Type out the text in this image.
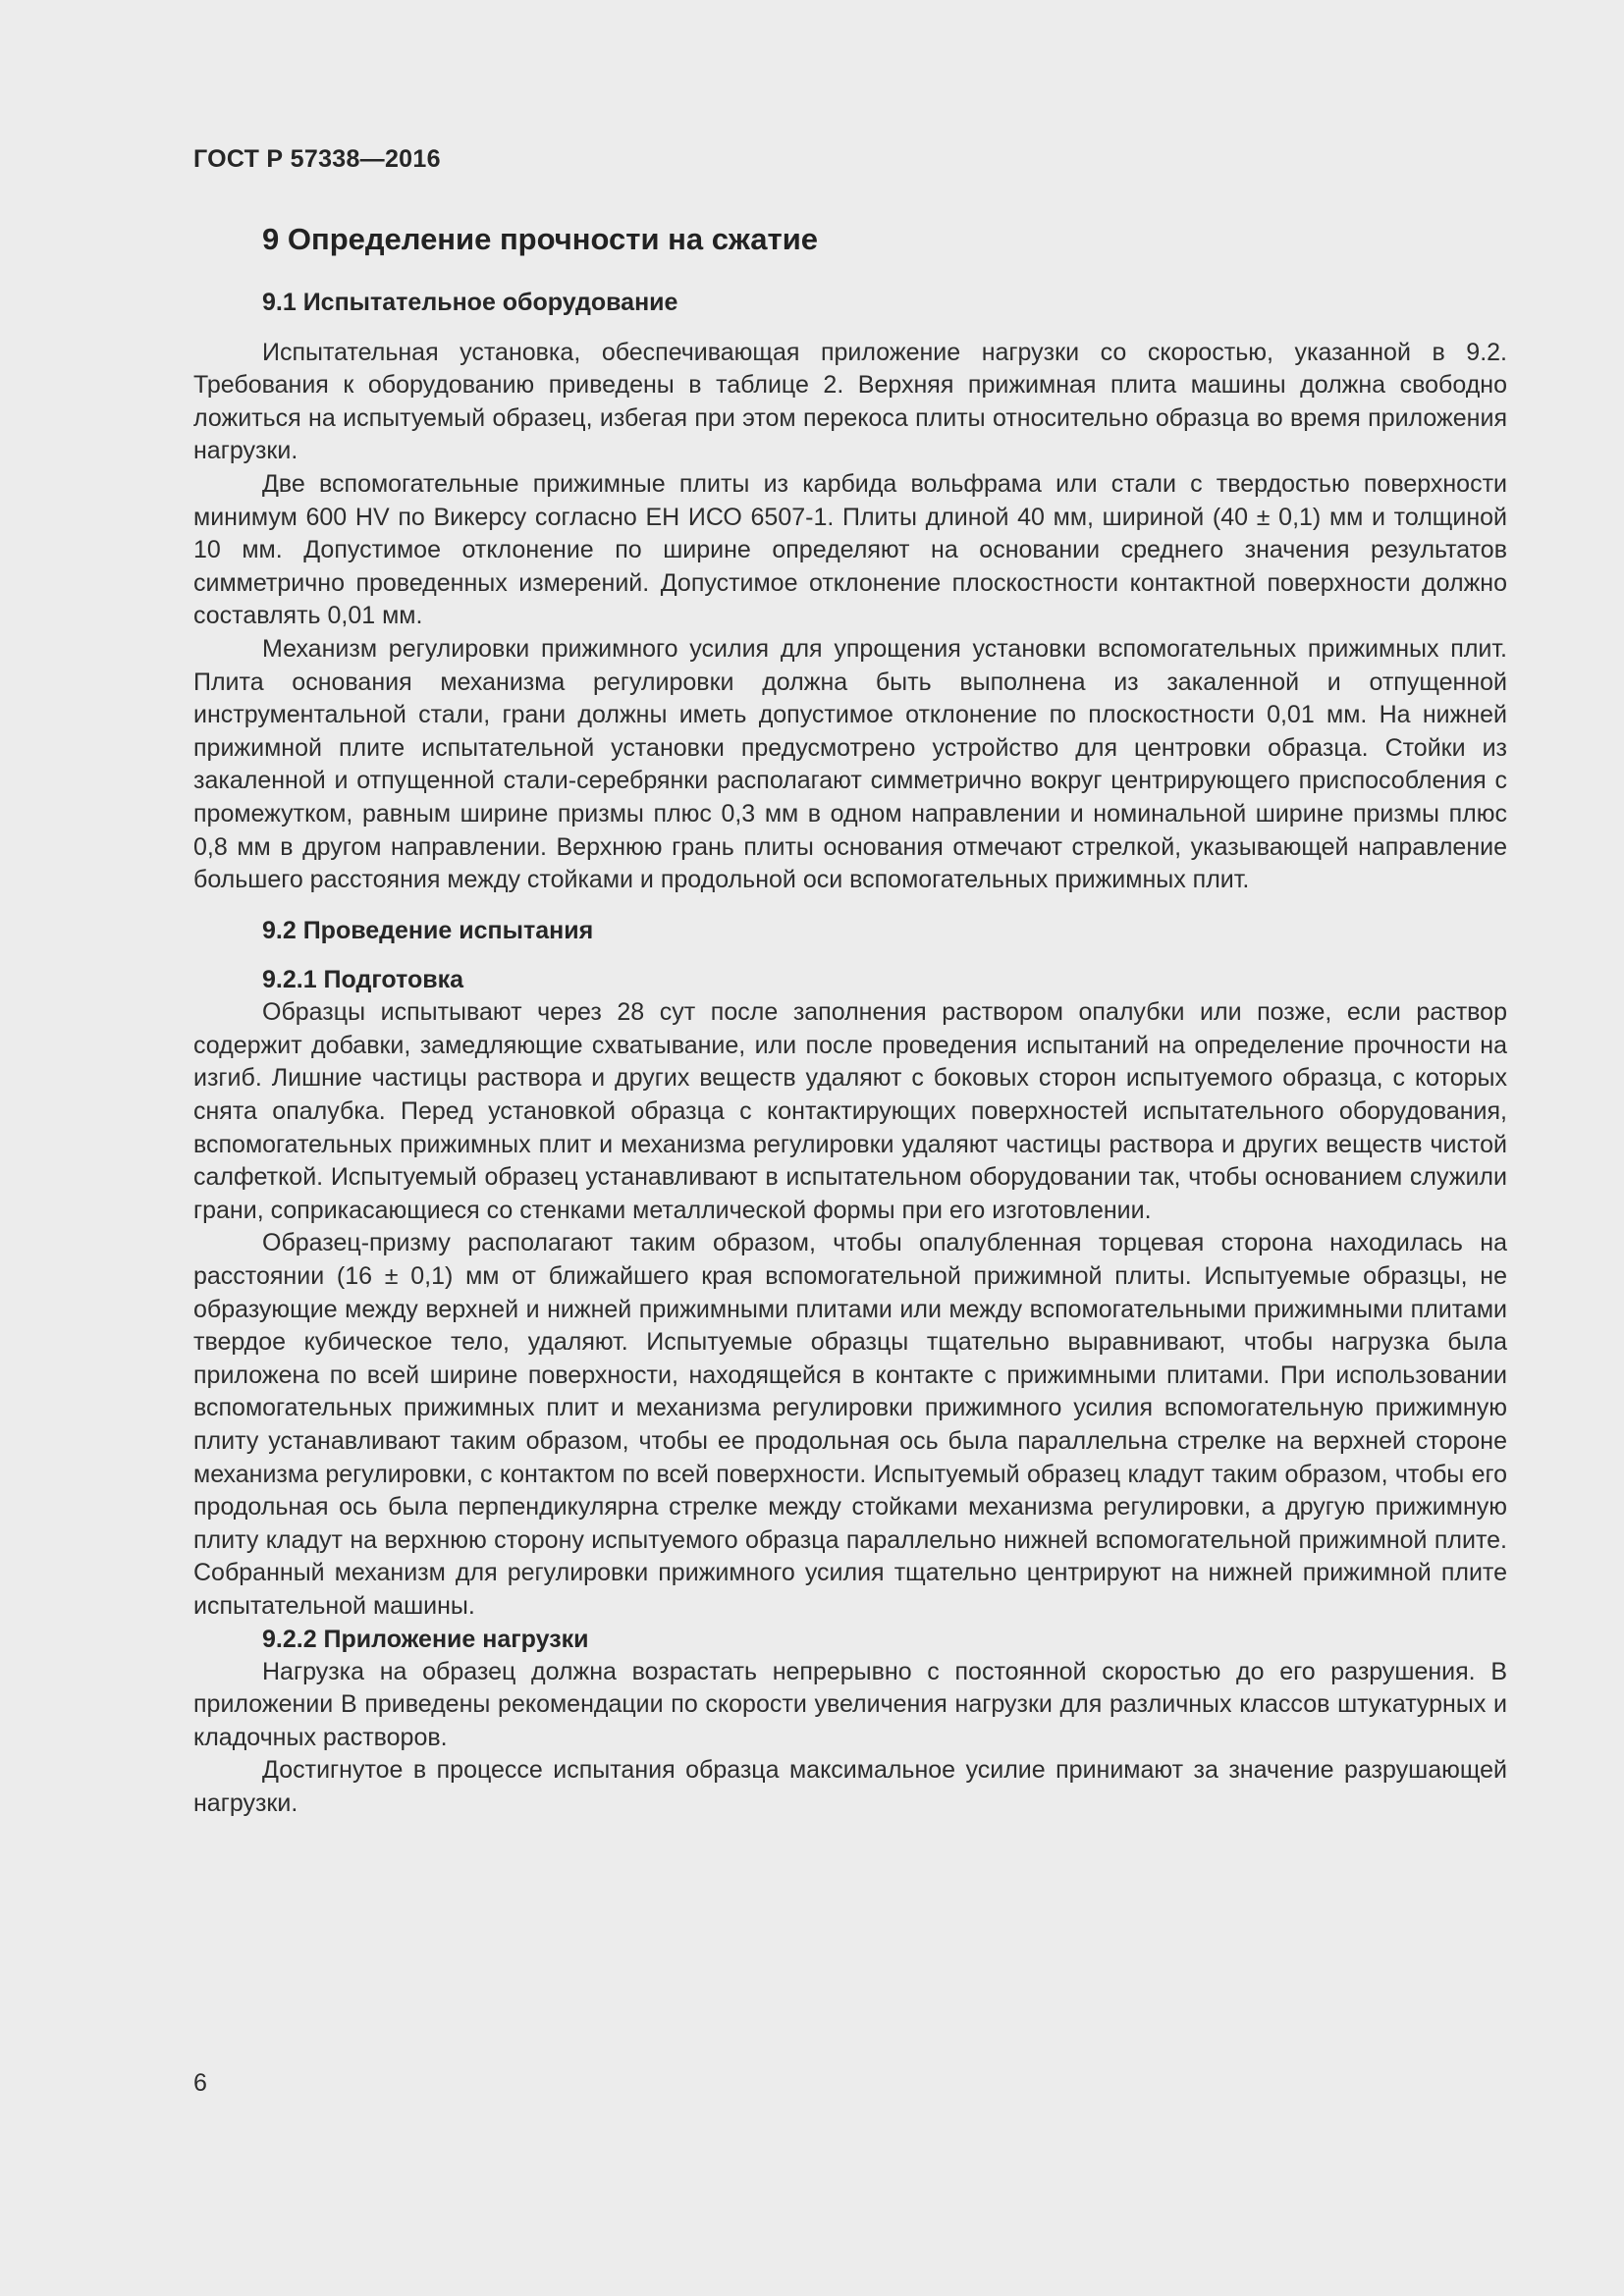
ГОСТ Р 57338—2016
9 Определение прочности на сжатие
9.1 Испытательное оборудование

Испытательная установка, обеспечивающая приложение нагрузки со скоростью, указанной в 9.2. Требования к оборудованию приведены в таблице 2. Верхняя прижимная плита машины должна свободно ложиться на испытуемый образец, избегая при этом перекоса плиты относительно образца во время приложения нагрузки.

Две вспомогательные прижимные плиты из карбида вольфрама или стали с твердостью поверхности минимум 600 HV по Викерсу согласно ЕН ИСО 6507-1. Плиты длиной 40 мм, шириной (40 ± 0,1) мм и толщиной 10 мм. Допустимое отклонение по ширине определяют на основании среднего значения результатов симметрично проведенных измерений. Допустимое отклонение плоскостности контактной поверхности должно составлять 0,01 мм.

Механизм регулировки прижимного усилия для упрощения установки вспомогательных прижимных плит. Плита основания механизма регулировки должна быть выполнена из закаленной и отпущенной инструментальной стали, грани должны иметь допустимое отклонение по плоскостности 0,01 мм. На нижней прижимной плите испытательной установки предусмотрено устройство для центровки образца. Стойки из закаленной и отпущенной стали-серебрянки располагают симметрично вокруг центрирующего приспособления с промежутком, равным ширине призмы плюс 0,3 мм в одном направлении и номинальной ширине призмы плюс 0,8 мм в другом направлении. Верхнюю грань плиты основания отмечают стрелкой, указывающей направление большего расстояния между стойками и продольной оси вспомогательных прижимных плит.

9.2 Проведение испытания
9.2.1 Подготовка

Образцы испытывают через 28 сут после заполнения раствором опалубки или позже, если раствор содержит добавки, замедляющие схватывание, или после проведения испытаний на определение прочности на изгиб. Лишние частицы раствора и других веществ удаляют с боковых сторон испытуемого образца, с которых снята опалубка. Перед установкой образца с контактирующих поверхностей испытательного оборудования, вспомогательных прижимных плит и механизма регулировки удаляют частицы раствора и других веществ чистой салфеткой. Испытуемый образец устанавливают в испытательном оборудовании так, чтобы основанием служили грани, соприкасающиеся со стенками металлической формы при его изготовлении.

Образец-призму располагают таким образом, чтобы опалубленная торцевая сторона находилась на расстоянии (16 ± 0,1) мм от ближайшего края вспомогательной прижимной плиты. Испытуемые образцы, не образующие между верхней и нижней прижимными плитами или между вспомогательными прижимными плитами твердое кубическое тело, удаляют. Испытуемые образцы тщательно выравнивают, чтобы нагрузка была приложена по всей ширине поверхности, находящейся в контакте с прижимными плитами. При использовании вспомогательных прижимных плит и механизма регулировки прижимного усилия вспомогательную прижимную плиту устанавливают таким образом, чтобы ее продольная ось была параллельна стрелке на верхней стороне механизма регулировки, с контактом по всей поверхности. Испытуемый образец кладут таким образом, чтобы его продольная ось была перпендикулярна стрелке между стойками механизма регулировки, а другую прижимную плиту кладут на верхнюю сторону испытуемого образца параллельно нижней вспомогательной прижимной плите. Собранный механизм для регулировки прижимного усилия тщательно центрируют на нижней прижимной плите испытательной машины.

9.2.2 Приложение нагрузки

Нагрузка на образец должна возрастать непрерывно с постоянной скоростью до его разрушения. В приложении В приведены рекомендации по скорости увеличения нагрузки для различных классов штукатурных и кладочных растворов.

Достигнутое в процессе испытания образца максимальное усилие принимают за значение разрушающей нагрузки.

6
